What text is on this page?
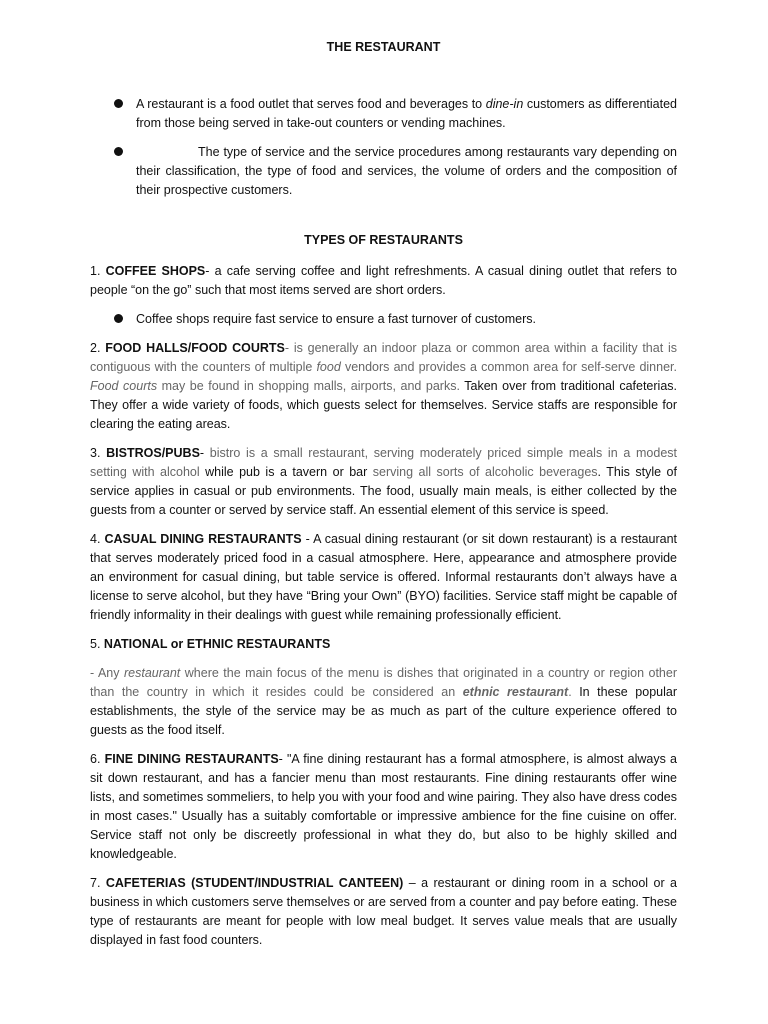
THE RESTAURANT
A restaurant is a food outlet that serves food and beverages to dine-in customers as differentiated from those being served in take-out counters or vending machines.
The type of service and the service procedures among restaurants vary depending on their classification, the type of food and services, the volume of orders and the composition of their prospective customers.
TYPES OF RESTAURANTS

1. COFFEE SHOPS- a cafe serving coffee and light refreshments. A casual dining outlet that refers to people “on the go” such that most items served are short orders.

Coffee shops require fast service to ensure a fast turnover of customers.

2. FOOD HALLS/FOOD COURTS- is generally an indoor plaza or common area within a facility that is contiguous with the counters of multiple food vendors and provides a common area for self-serve dinner. Food courts may be found in shopping malls, airports, and parks. Taken over from traditional cafeterias. They offer a wide variety of foods, which guests select for themselves. Service staffs are responsible for clearing the eating areas.

3. BISTROS/PUBS- bistro is a small restaurant, serving moderately priced simple meals in a modest setting with alcohol while pub is a tavern or bar serving all sorts of alcoholic beverages. This style of service applies in casual or pub environments. The food, usually main meals, is either collected by the guests from a counter or served by service staff. An essential element of this service is speed.

4. CASUAL DINING RESTAURANTS - A casual dining restaurant (or sit down restaurant) is a restaurant that serves moderately priced food in a casual atmosphere. Here, appearance and atmosphere provide an environment for casual dining, but table service is offered. Informal restaurants don’t always have a license to serve alcohol, but they have “Bring your Own” (BYO) facilities. Service staff might be capable of friendly informality in their dealings with guest while remaining professionally efficient.

5. NATIONAL or ETHNIC RESTAURANTS

- Any restaurant where the main focus of the menu is dishes that originated in a country or region other than the country in which it resides could be considered an ethnic restaurant. In these popular establishments, the style of the service may be as much as part of the culture experience offered to guests as the food itself.

6. FINE DINING RESTAURANTS- "A fine dining restaurant has a formal atmosphere, is almost always a sit down restaurant, and has a fancier menu than most restaurants. Fine dining restaurants offer wine lists, and sometimes sommeliers, to help you with your food and wine pairing. They also have dress codes in most cases." Usually has a suitably comfortable or impressive ambience for the fine cuisine on offer. Service staff not only be discreetly professional in what they do, but also to be highly skilled and knowledgeable.

7. CAFETERIAS (STUDENT/INDUSTRIAL CANTEEN) – a restaurant or dining room in a school or a business in which customers serve themselves or are served from a counter and pay before eating. These type of restaurants are meant for people with low meal budget. It serves value meals that are usually displayed in fast food counters.
